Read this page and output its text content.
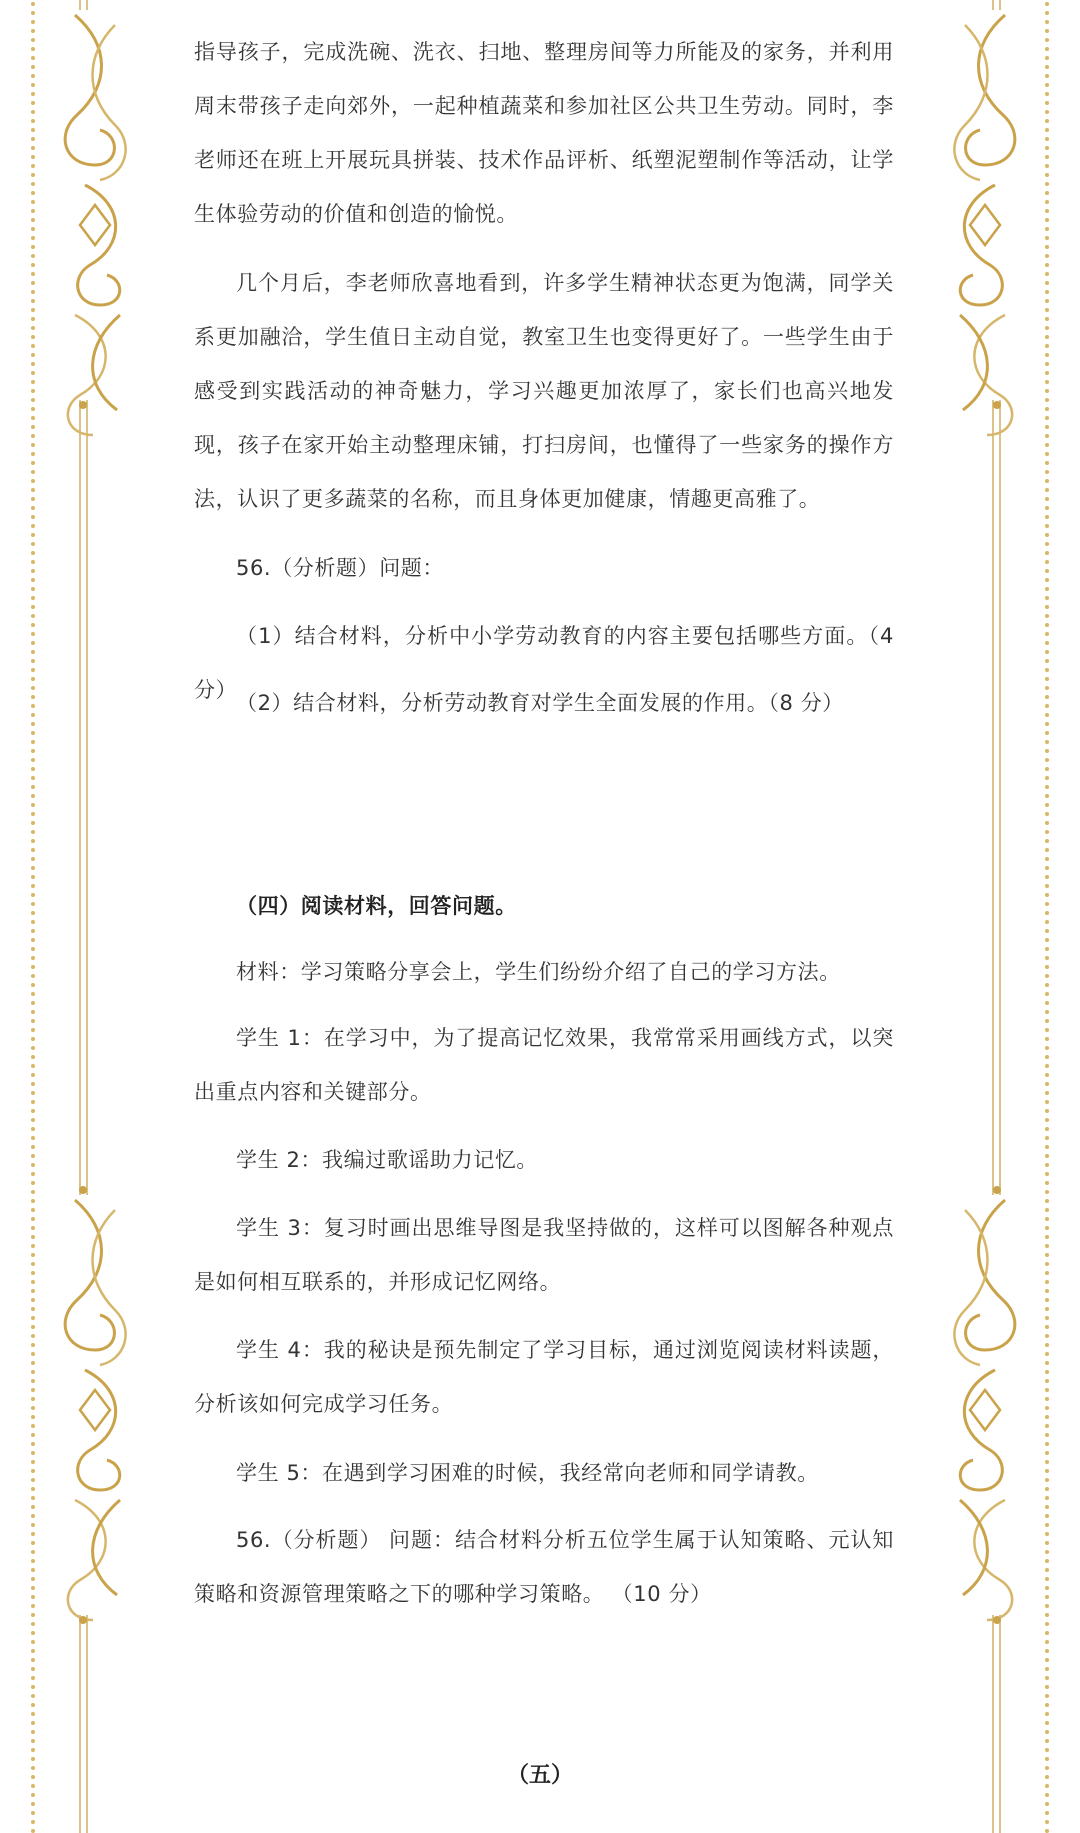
指导孩子，完成洗碗、洗衣、扫地、整理房间等力所能及的家务，并利用周末带孩子走向郊外，一起种植蔬菜和参加社区公共卫生劳动。同时，李老师还在班上开展玩具拼装、技术作品评析、纸塑泥塑制作等活动，让学生体验劳动的价值和创造的愉悦。

几个月后，李老师欣喜地看到，许多学生精神状态更为饱满，同学关系更加融洽，学生值日主动自觉，教室卫生也变得更好了。一些学生由于感受到实践活动的神奇魅力，学习兴趣更加浓厚了，家长们也高兴地发现，孩子在家开始主动整理床铺，打扫房间，也懂得了一些家务的操作方法，认识了更多蔬菜的名称，而且身体更加健康，情趣更高雅了。

56.（分析题）问题：

（1）结合材料，分析中小学劳动教育的内容主要包括哪些方面。（4 分）

（2）结合材料，分析劳动教育对学生全面发展的作用。（8 分）

（四）阅读材料，回答问题。

材料：学习策略分享会上，学生们纷纷介绍了自己的学习方法。

学生 1：在学习中，为了提高记忆效果，我常常采用画线方式，以突出重点内容和关键部分。

学生 2：我编过歌谣助力记忆。

学生 3：复习时画出思维导图是我坚持做的，这样可以图解各种观点是如何相互联系的，并形成记忆网络。

学生 4：我的秘诀是预先制定了学习目标，通过浏览阅读材料读题，分析该如何完成学习任务。

学生 5：在遇到学习困难的时候，我经常向老师和同学请教。

56.（分析题） 问题：结合材料分析五位学生属于认知策略、元认知策略和资源管理策略之下的哪种学习策略。 （10 分）

（五）
